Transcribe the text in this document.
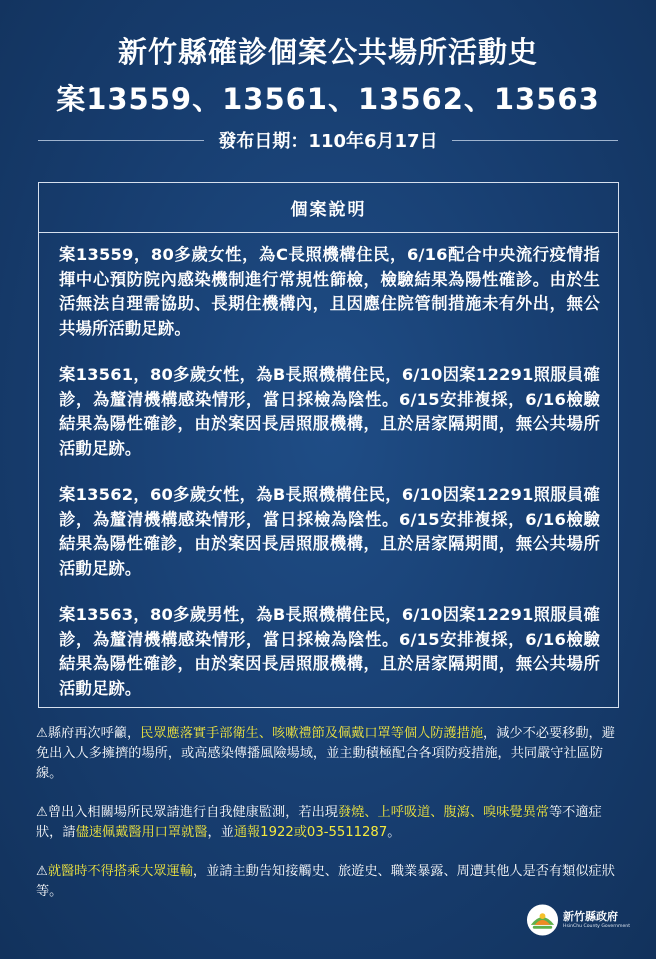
新竹縣確診個案公共場所活動史
案13559、13561、13562、13563
發布日期：110年6月17日
個案說明

案13559，80多歲女性，為C長照機構住民，6/16配合中央流行疫情指揮中心預防院內感染機制進行常規性篩檢，檢驗結果為陽性確診。由於生活無法自理需協助、長期住機構內，且因應住院管制措施未有外出，無公共場所活動足跡。

案13561，80多歲女性，為B長照機構住民，6/10因案12291照服員確診，為釐清機構感染情形，當日採檢為陰性。6/15安排複採，6/16檢驗結果為陽性確診，由於案因長居照服機構，且於居家隔期間，無公共場所活動足跡。

案13562，60多歲女性，為B長照機構住民，6/10因案12291照服員確診，為釐清機構感染情形，當日採檢為陰性。6/15安排複採，6/16檢驗結果為陽性確診，由於案因長居照服機構，且於居家隔期間，無公共場所活動足跡。

案13563，80多歲男性，為B長照機構住民，6/10因案12291照服員確診，為釐清機構感染情形，當日採檢為陰性。6/15安排複採，6/16檢驗結果為陽性確診，由於案因長居照服機構，且於居家隔期間，無公共場所活動足跡。

⚠縣府再次呼籲，民眾應落實手部衛生、咳嗽禮節及佩戴口罩等個人防護措施，減少不必要移動，避免出入人多擁擠的場所，或高感染傳播風險場域，並主動積極配合各項防疫措施，共同嚴守社區防線。

⚠曾出入相關場所民眾請進行自我健康監測，若出現發燒、上呼吸道、腹瀉、嗅味覺異常等不適症狀，請儘速佩戴醫用口罩就醫，並通報1922或03-5511287。

⚠就醫時不得搭乘大眾運輸，並請主動告知接觸史、旅遊史、職業暴露、周遭其他人是否有類似症狀等。

新竹縣政府
HsinChu County Government
